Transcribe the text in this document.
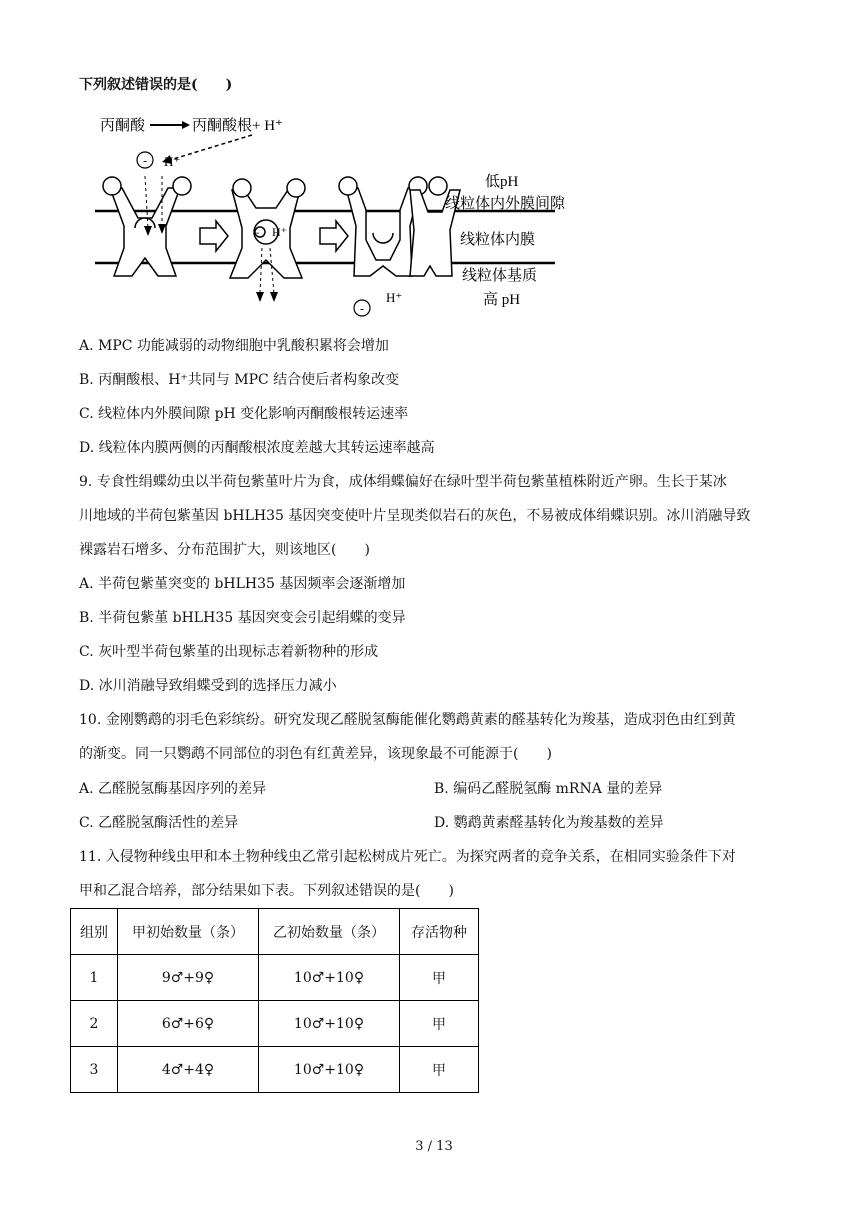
下列叙述错误的是(　　)
丙酮酸	丙酮酸根+ H⁺
- H⁺
- H⁺
H⁺
-
低pH
线粒体内外膜间隙
线粒体内膜
线粒体基质
高 pH
A. MPC 功能减弱的动物细胞中乳酸积累将会增加
B. 丙酮酸根、H⁺共同与 MPC 结合使后者构象改变
C. 线粒体内外膜间隙 pH 变化影响丙酮酸根转运速率
D. 线粒体内膜两侧的丙酮酸根浓度差越大其转运速率越高
9. 专食性绢蝶幼虫以半荷包紫堇叶片为食，成体绢蝶偏好在绿叶型半荷包紫堇植株附近产卵。生长于某冰
川地域的半荷包紫堇因 bHLH35 基因突变使叶片呈现类似岩石的灰色，不易被成体绢蝶识别。冰川消融导致
裸露岩石增多、分布范围扩大，则该地区(　　)
A. 半荷包紫堇突变的 bHLH35 基因频率会逐渐增加
B. 半荷包紫堇 bHLH35 基因突变会引起绢蝶的变异
C. 灰叶型半荷包紫堇的出现标志着新物种的形成
D. 冰川消融导致绢蝶受到的选择压力减小
10. 金刚鹦鹉的羽毛色彩缤纷。研究发现乙醛脱氢酶能催化鹦鹉黄素的醛基转化为羧基，造成羽色由红到黄
的渐变。同一只鹦鹉不同部位的羽色有红黄差异，该现象最不可能源于(　　)
A. 乙醛脱氢酶基因序列的差异	B. 编码乙醛脱氢酶 mRNA 量的差异
C. 乙醛脱氢酶活性的差异	D. 鹦鹉黄素醛基转化为羧基数的差异
11. 入侵物种线虫甲和本土物种线虫乙常引起松树成片死亡。为探究两者的竞争关系，在相同实验条件下对
甲和乙混合培养，部分结果如下表。下列叙述错误的是(　　)
组别	甲初始数量（条）	乙初始数量（条）	存活物种
1	9♂+9♀	10♂+10♀	甲
2	6♂+6♀	10♂+10♀	甲
3	4♂+4♀	10♂+10♀	甲
3 / 13
